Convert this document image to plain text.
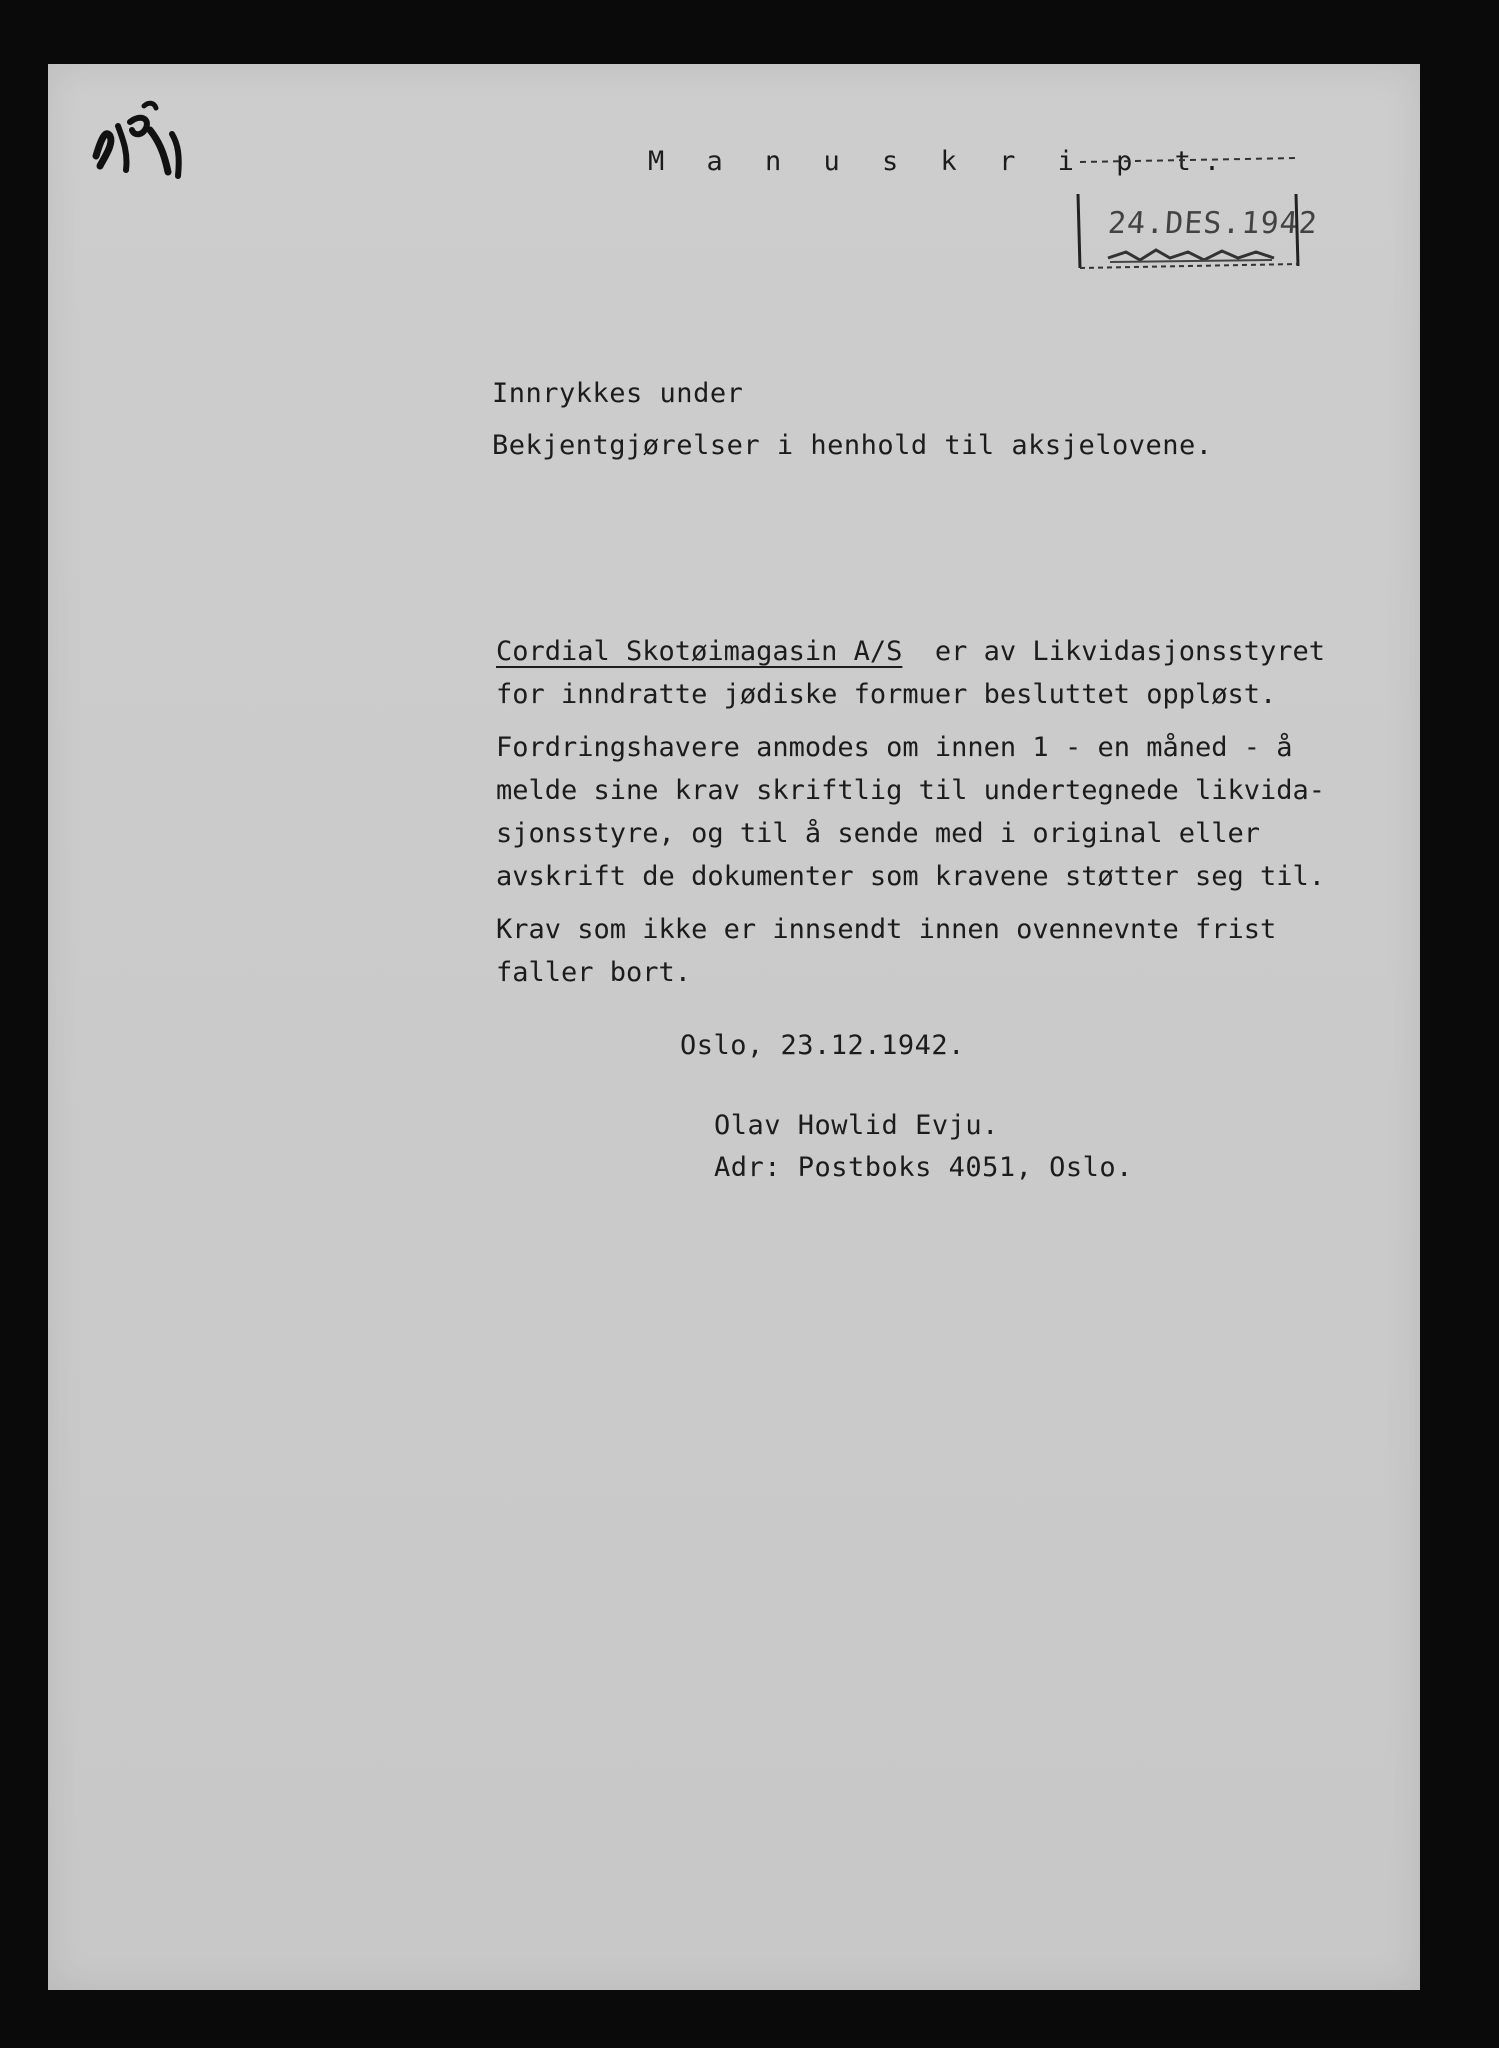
M a n u s k r i p t.
24.DES.1942
Innrykkes under
Bekjentgjørelser i henhold til aksjelovene.
Cordial Skotøimagasin A/S  er av Likvidasjonsstyret
for inndratte jødiske formuer besluttet oppløst.
Fordringshavere anmodes om innen 1 - en måned - å
melde sine krav skriftlig til undertegnede likvida-
sjonsstyre, og til å sende med i original eller
avskrift de dokumenter som kravene støtter seg til.
Krav som ikke er innsendt innen ovennevnte frist
faller bort.
Oslo, 23.12.1942.
Olav Howlid Evju.
Adr: Postboks 4051, Oslo.
